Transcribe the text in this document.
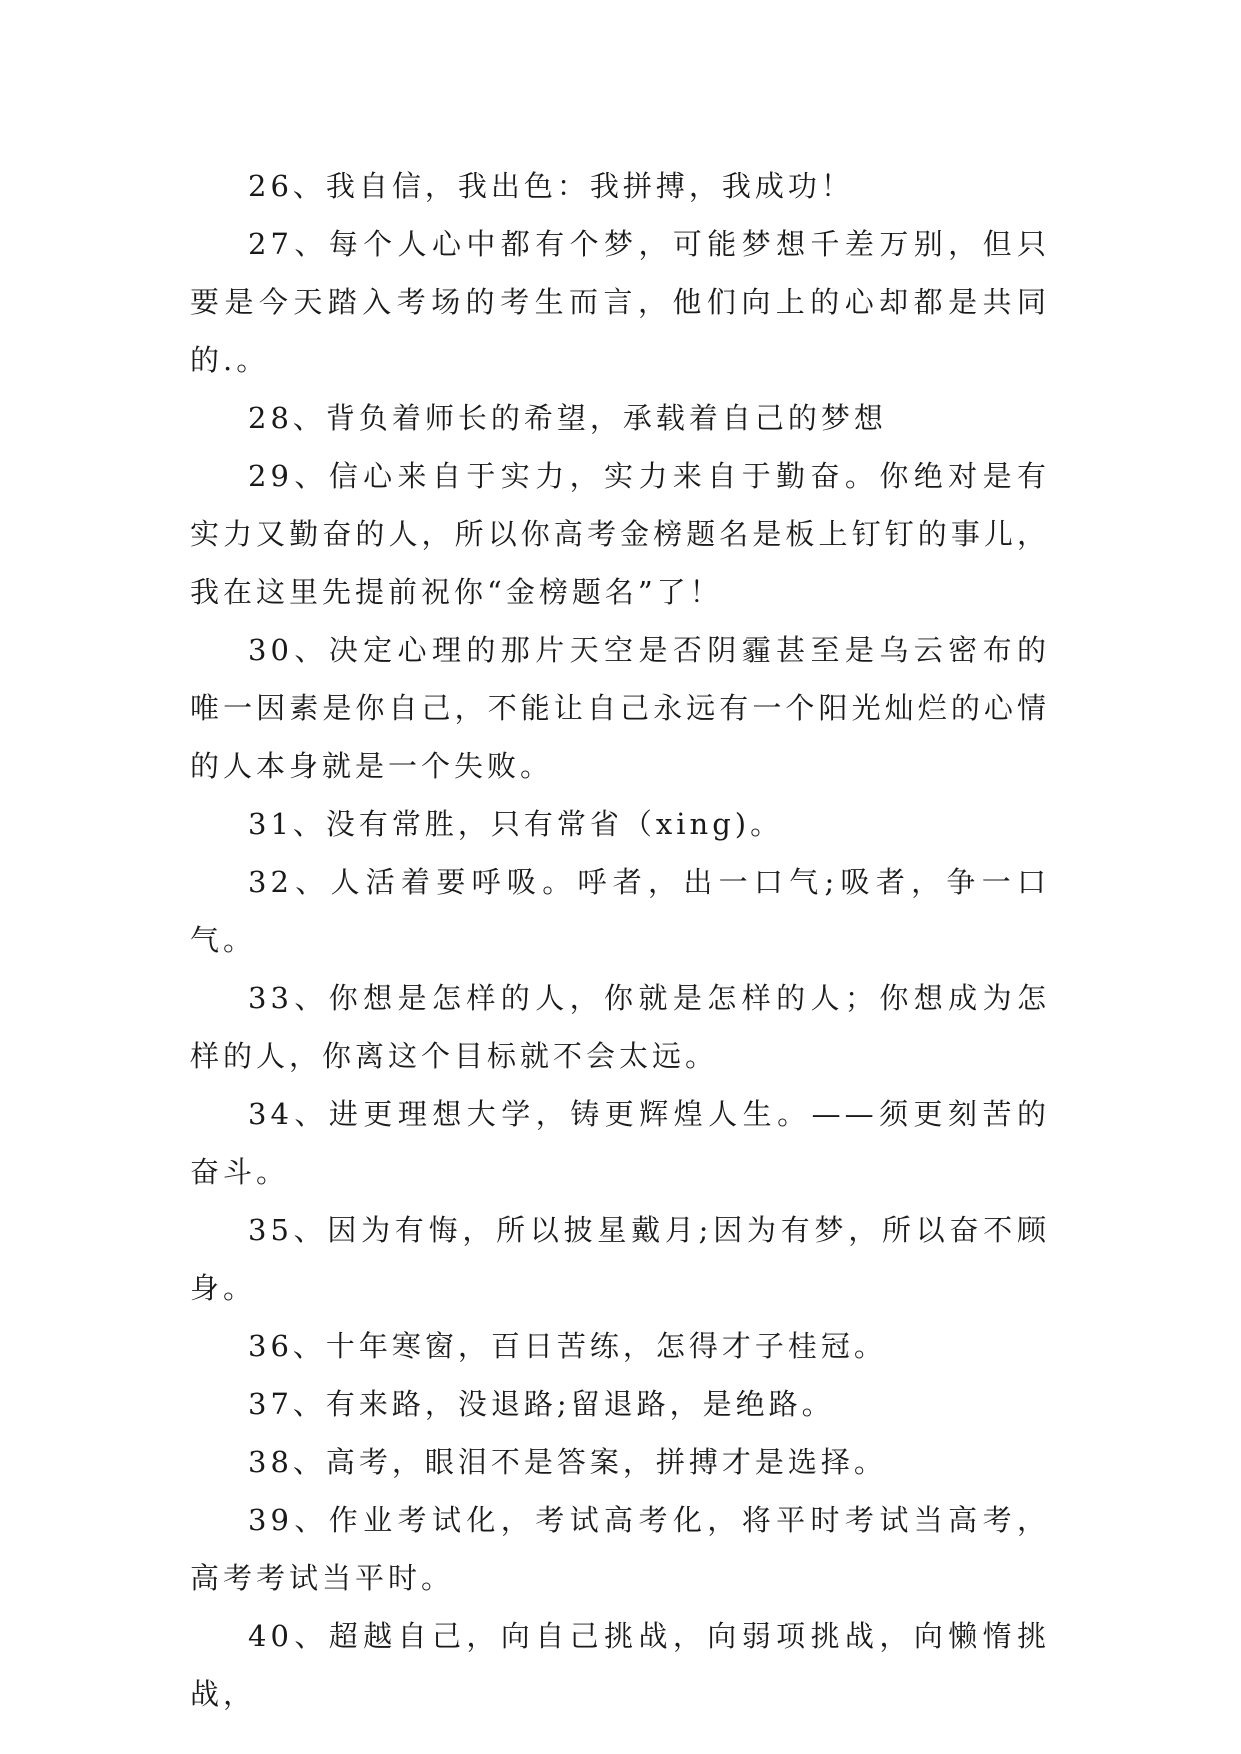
26、我自信，我出色：我拼搏，我成功！

27、每个人心中都有个梦，可能梦想千差万别，但只要是今天踏入考场的考生而言，他们向上的心却都是共同的.。

28、背负着师长的希望，承载着自己的梦想

29、信心来自于实力，实力来自于勤奋。你绝对是有实力又勤奋的人，所以你高考金榜题名是板上钉钉的事儿，我在这里先提前祝你“金榜题名”了！

30、决定心理的那片天空是否阴霾甚至是乌云密布的唯一因素是你自己，不能让自己永远有一个阳光灿烂的心情的人本身就是一个失败。

31、没有常胜，只有常省（xing)。

32、人活着要呼吸。呼者，出一口气;吸者，争一口气。

33、你想是怎样的人，你就是怎样的人；你想成为怎样的人，你离这个目标就不会太远。

34、进更理想大学，铸更辉煌人生。——须更刻苦的奋斗。

35、因为有悔，所以披星戴月;因为有梦，所以奋不顾身。

36、十年寒窗，百日苦练，怎得才子桂冠。

37、有来路，没退路;留退路，是绝路。

38、高考，眼泪不是答案，拼搏才是选择。

39、作业考试化，考试高考化，将平时考试当高考，高考考试当平时。

40、超越自己，向自己挑战，向弱项挑战，向懒惰挑战，
